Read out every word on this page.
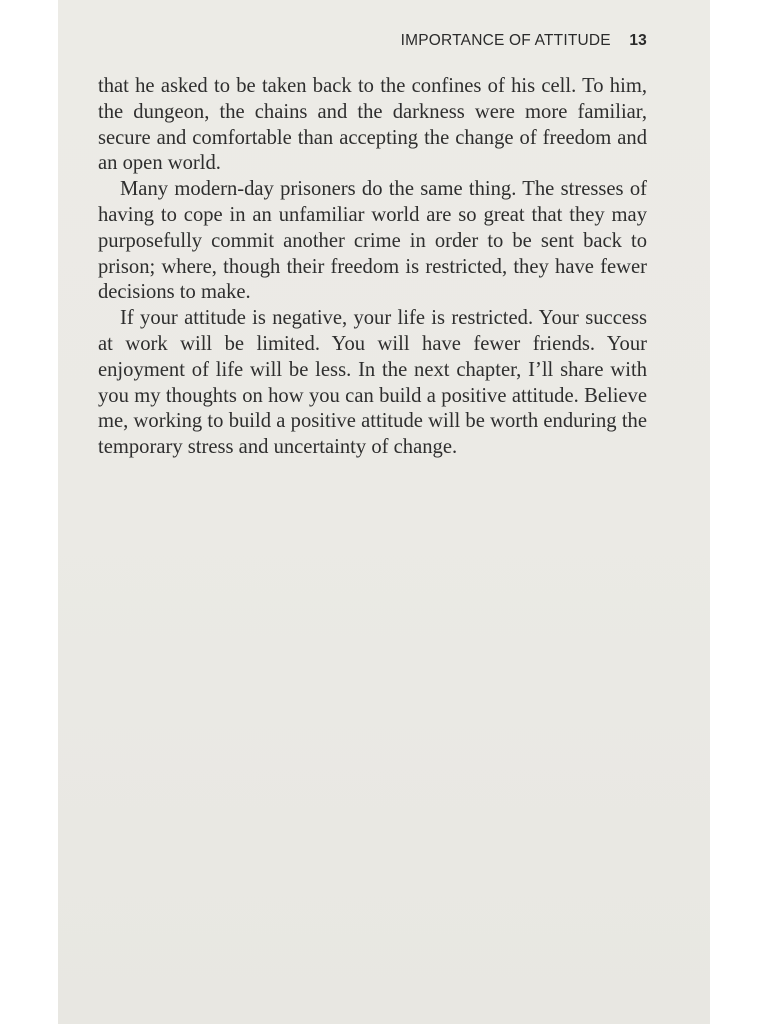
IMPORTANCE OF ATTITUDE 13

that he asked to be taken back to the confines of his cell. To him, the dungeon, the chains and the darkness were more familiar, secure and comfortable than accepting the change of freedom and an open world.

Many modern-day prisoners do the same thing. The stresses of having to cope in an unfamiliar world are so great that they may purposefully commit another crime in order to be sent back to prison; where, though their freedom is restricted, they have fewer decisions to make.

If your attitude is negative, your life is restricted. Your success at work will be limited. You will have fewer friends. Your enjoyment of life will be less. In the next chapter, I’ll share with you my thoughts on how you can build a positive attitude. Believe me, working to build a positive attitude will be worth enduring the temporary stress and uncertainty of change.
